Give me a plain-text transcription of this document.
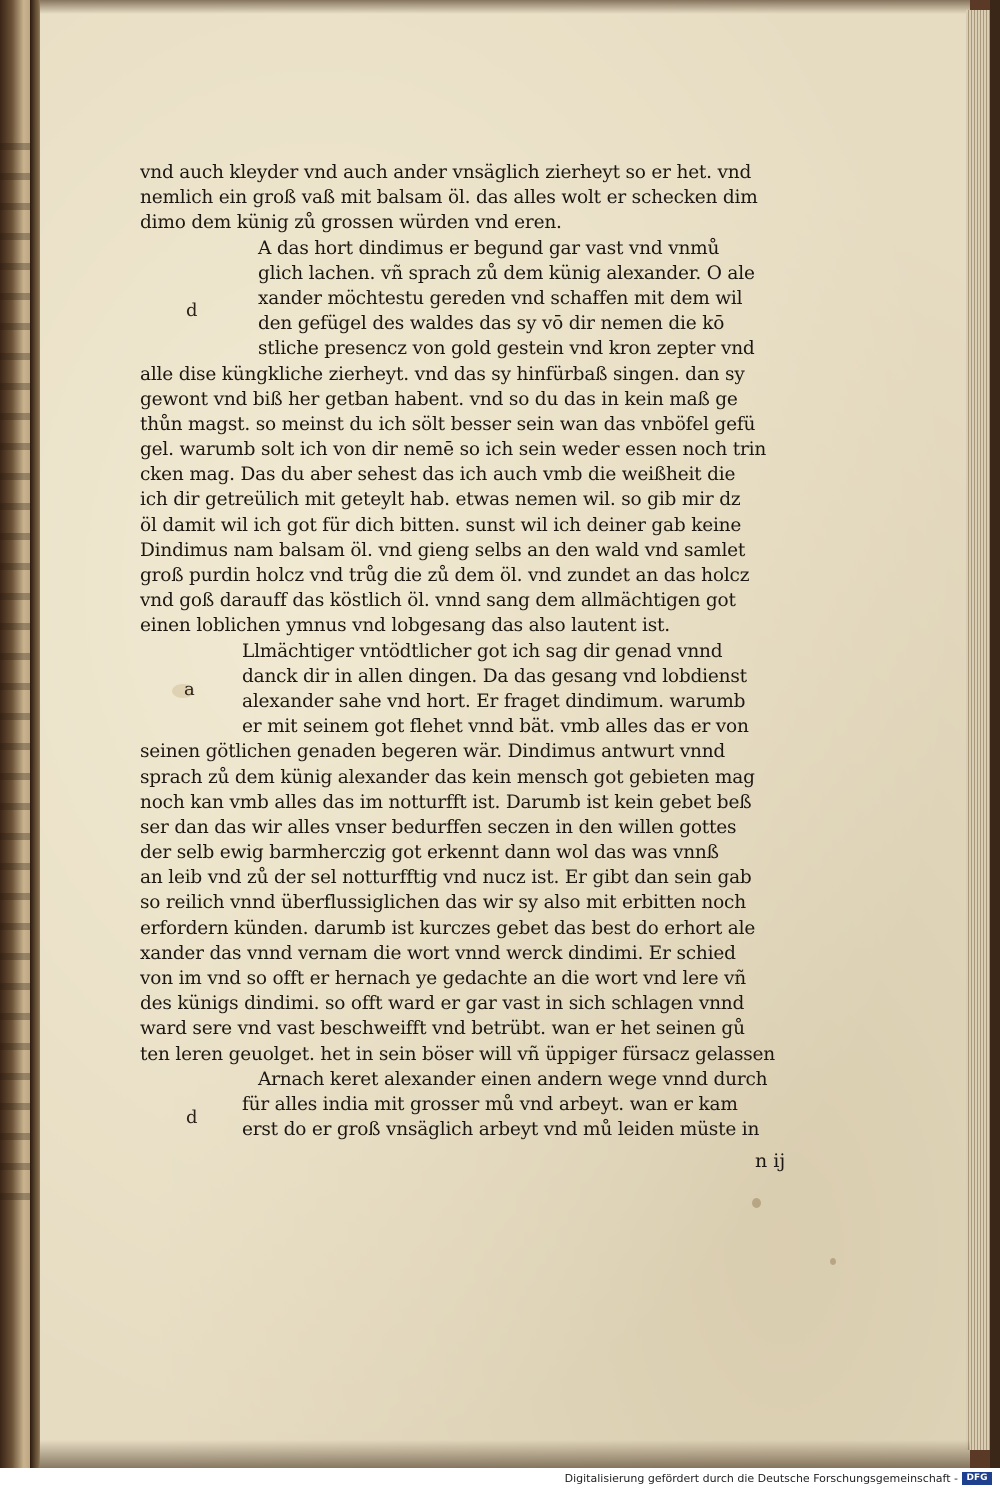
vnd auch kleyder vnd auch ander vnsäglich zierheyt so er het. vnd
nemlich ein groß vaß mit balsam öl. das alles wolt er schecken dim
dimo dem künig zů grossen würden vnd eren.
A das hort dindimus er begund gar vast vnd vnmů
glich lachen. vñ sprach zů dem künig alexander. O ale
xander möchtestu gereden vnd schaffen mit dem wil
den gefügel des waldes das sy vō dir nemen die kō
stliche presencz von gold gestein vnd kron zepter vnd
alle dise küngkliche zierheyt. vnd das sy hinfürbaß singen. dan sy
gewont vnd biß her getban habent. vnd so du das in kein maß ge
thůn magst. so meinst du ich sölt besser sein wan das vnböfel gefü
gel. warumb solt ich von dir nemē so ich sein weder essen noch trin
cken mag. Das du aber sehest das ich auch vmb die weißheit die
ich dir getreülich mit geteylt hab. etwas nemen wil. so gib mir dz
öl damit wil ich got für dich bitten. sunst wil ich deiner gab keine
Dindimus nam balsam öl. vnd gieng selbs an den wald vnd samlet
groß purdin holcz vnd trůg die zů dem öl. vnd zundet an das holcz
vnd goß darauff das köstlich öl. vnnd sang dem allmächtigen got
einen loblichen ymnus vnd lobgesang das also lautent ist.
Llmächtiger vntödtlicher got ich sag dir genad vnnd
danck dir in allen dingen. Da das gesang vnd lobdienst
alexander sahe vnd hort. Er fraget dindimum. warumb
er mit seinem got flehet vnnd bät. vmb alles das er von
seinen götlichen genaden begeren wär. Dindimus antwurt vnnd
sprach zů dem künig alexander das kein mensch got gebieten mag
noch kan vmb alles das im notturfft ist. Darumb ist kein gebet beß
ser dan das wir alles vnser bedurffen seczen in den willen gottes
der selb ewig barmherczig got erkennt dann wol das was vnnß
an leib vnd zů der sel notturfftig vnd nucz ist. Er gibt dan sein gab
so reilich vnnd überflussiglichen das wir sy also mit erbitten noch
erfordern künden. darumb ist kurczes gebet das best do erhort ale
xander das vnnd vernam die wort vnnd werck dindimi. Er schied
von im vnd so offt er hernach ye gedachte an die wort vnd lere vñ
des künigs dindimi. so offt ward er gar vast in sich schlagen vnnd
ward sere vnd vast beschweifft vnd betrübt. wan er het seinen gů
ten leren geuolget. het in sein böser will vñ üppiger fürsacz gelassen
Arnach keret alexander einen andern wege vnnd durch
für alles india mit grosser mů vnd arbeyt. wan er kam
erst do er groß vnsäglich arbeyt vnd mů leiden müste in
d
a
d
n ij
Digitalisierung gefördert durch die Deutsche Forschungsgemeinschaft - DFG
